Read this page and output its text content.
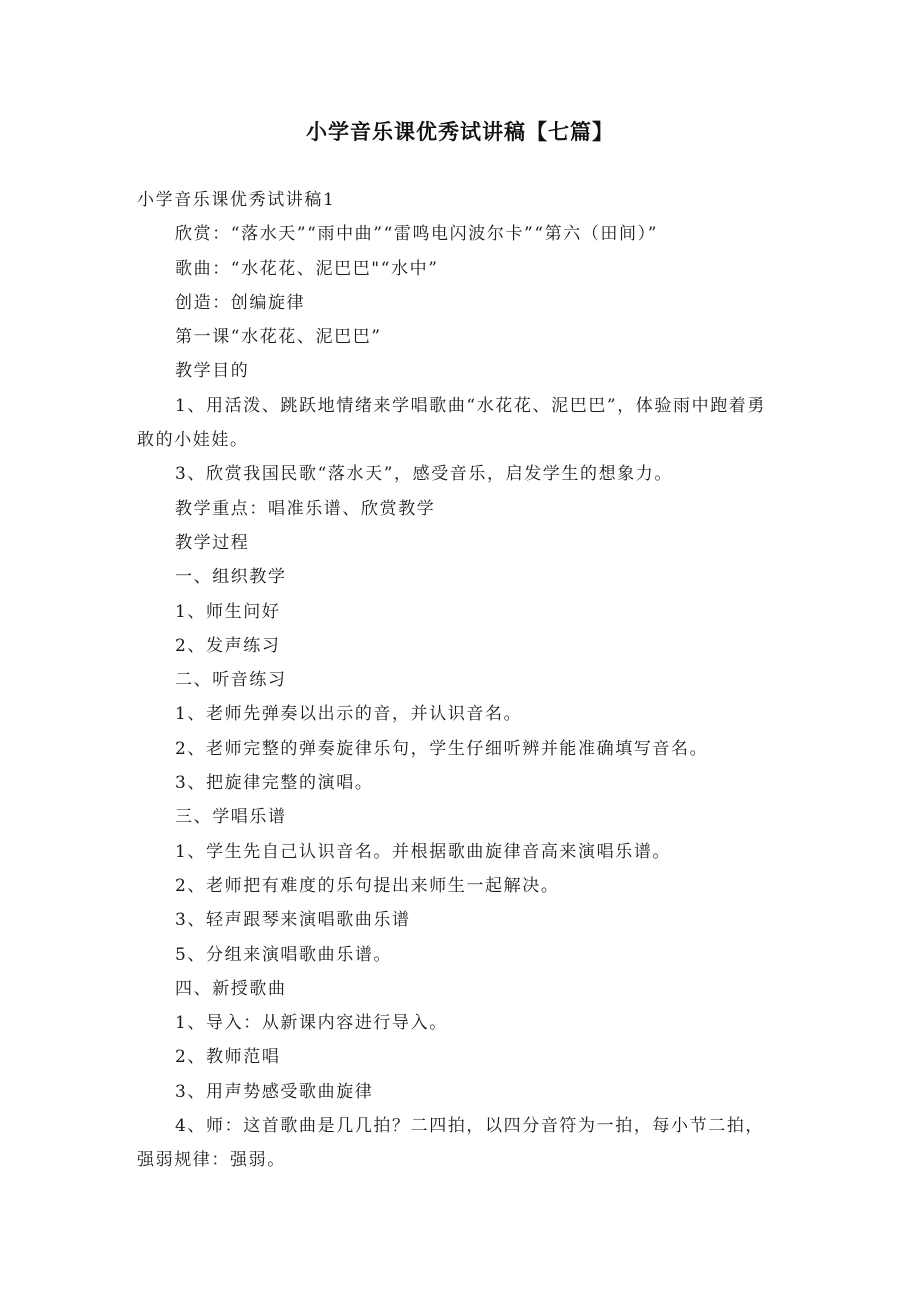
小学音乐课优秀试讲稿【七篇】

小学音乐课优秀试讲稿1

欣赏：“落水天”“雨中曲”“雷鸣电闪波尔卡”“第六（田间）”

歌曲：“水花花、泥巴巴"“水中”

创造：创编旋律

第一课“水花花、泥巴巴”

教学目的

1、用活泼、跳跃地情绪来学唱歌曲“水花花、泥巴巴”，体验雨中跑着勇敢的小娃娃。

3、欣赏我国民歌“落水天”，感受音乐，启发学生的想象力。

教学重点：唱准乐谱、欣赏教学

教学过程

一、组织教学

1、师生问好

2、发声练习

二、听音练习

1、老师先弹奏以出示的音，并认识音名。

2、老师完整的弹奏旋律乐句，学生仔细听辨并能准确填写音名。

3、把旋律完整的演唱。

三、学唱乐谱

1、学生先自己认识音名。并根据歌曲旋律音高来演唱乐谱。

2、老师把有难度的乐句提出来师生一起解决。

3、轻声跟琴来演唱歌曲乐谱

5、分组来演唱歌曲乐谱。

四、新授歌曲

1、导入：从新课内容进行导入。

2、教师范唱

3、用声势感受歌曲旋律

4、师：这首歌曲是几几拍？二四拍，以四分音符为一拍，每小节二拍，强弱规律：强弱。
